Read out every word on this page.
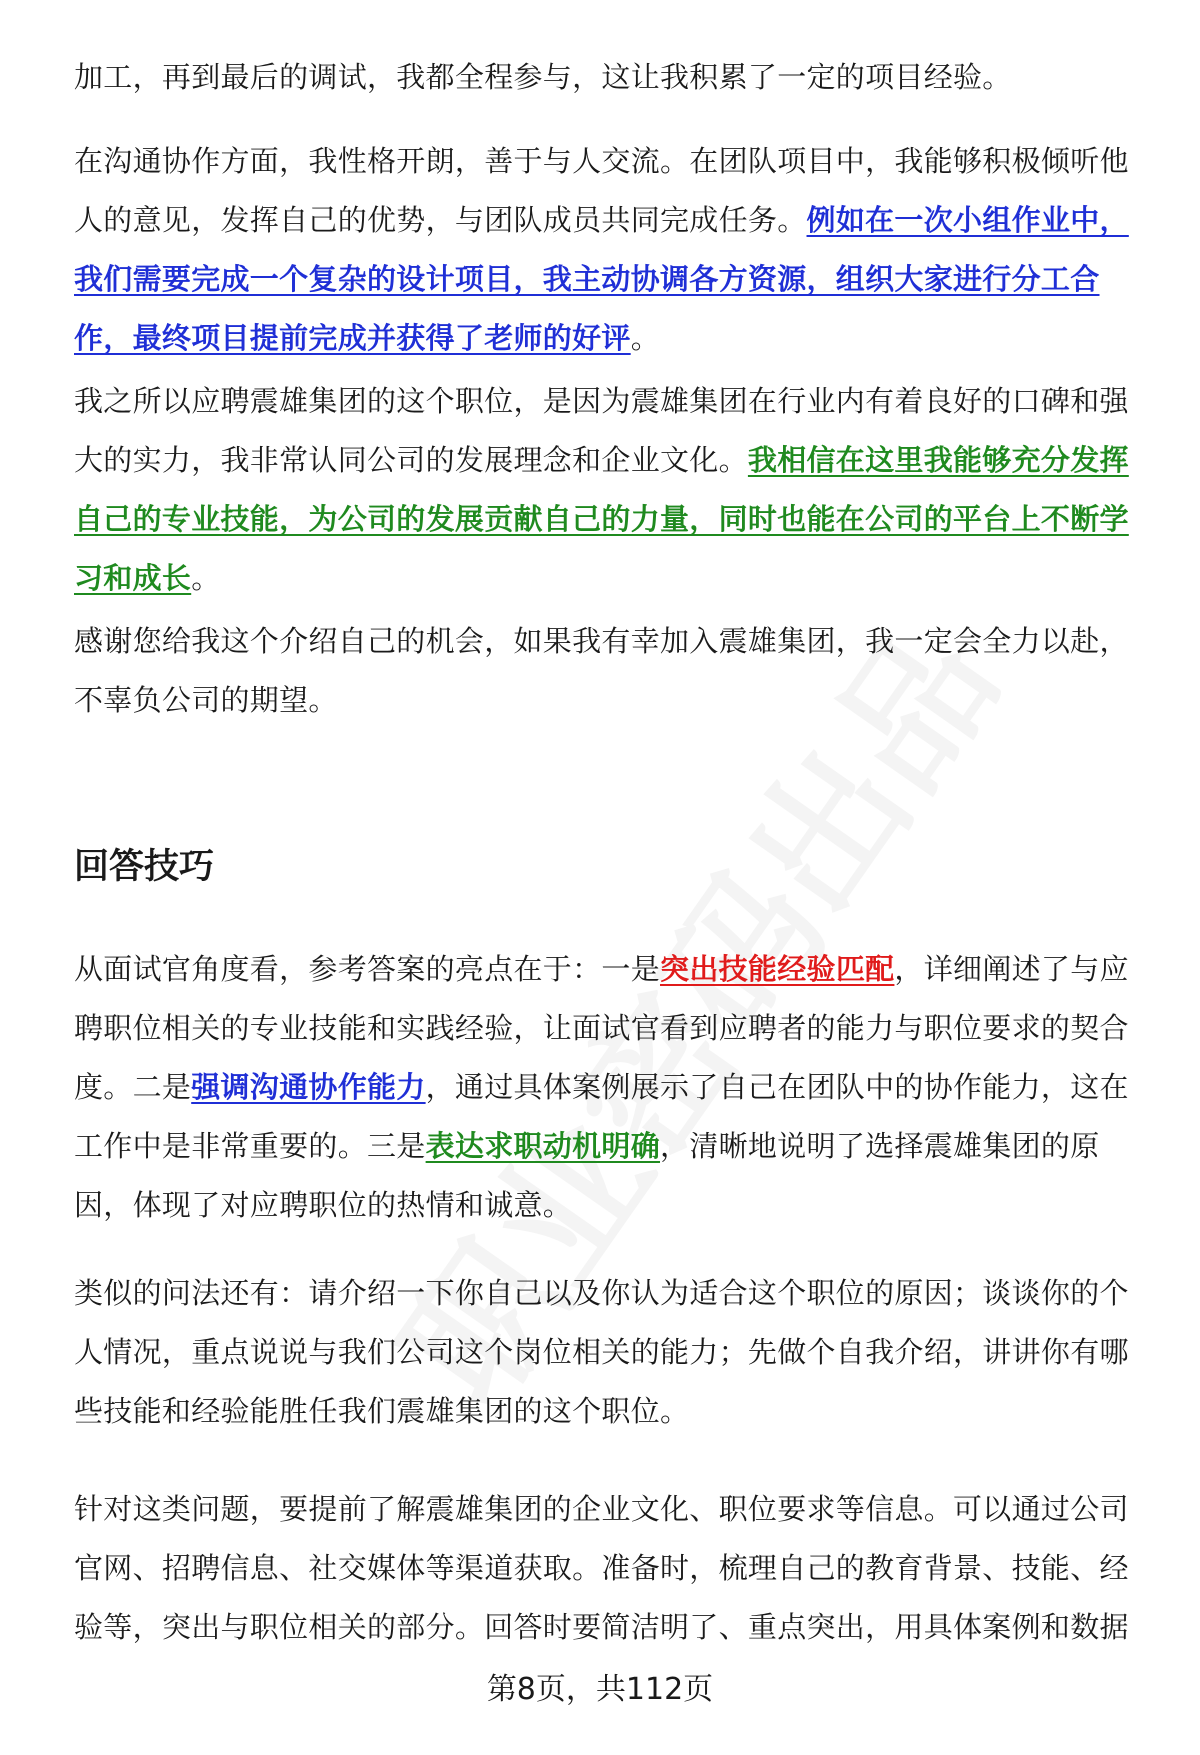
加工，再到最后的调试，我都全程参与，这让我积累了一定的项目经验。

在沟通协作方面，我性格开朗，善于与人交流。在团队项目中，我能够积极倾听他人的意见，发挥自己的优势，与团队成员共同完成任务。例如在一次小组作业中，我们需要完成一个复杂的设计项目，我主动协调各方资源，组织大家进行分工合作，最终项目提前完成并获得了老师的好评。

我之所以应聘震雄集团的这个职位，是因为震雄集团在行业内有着良好的口碑和强大的实力，我非常认同公司的发展理念和企业文化。我相信在这里我能够充分发挥自己的专业技能，为公司的发展贡献自己的力量，同时也能在公司的平台上不断学习和成长。

感谢您给我这个介绍自己的机会，如果我有幸加入震雄集团，我一定会全力以赴，不辜负公司的期望。

回答技巧

从面试官角度看，参考答案的亮点在于：一是突出技能经验匹配，详细阐述了与应聘职位相关的专业技能和实践经验，让面试官看到应聘者的能力与职位要求的契合度。二是强调沟通协作能力，通过具体案例展示了自己在团队中的协作能力，这在工作中是非常重要的。三是表达求职动机明确，清晰地说明了选择震雄集团的原因，体现了对应聘职位的热情和诚意。

类似的问法还有：请介绍一下你自己以及你认为适合这个职位的原因；谈谈你的个人情况，重点说说与我们公司这个岗位相关的能力；先做个自我介绍，讲讲你有哪些技能和经验能胜任我们震雄集团的这个职位。

针对这类问题，要提前了解震雄集团的企业文化、职位要求等信息。可以通过公司官网、招聘信息、社交媒体等渠道获取。准备时，梳理自己的教育背景、技能、经验等，突出与职位相关的部分。回答时要简洁明了、重点突出，用具体案例和数据

第8页，共112页
